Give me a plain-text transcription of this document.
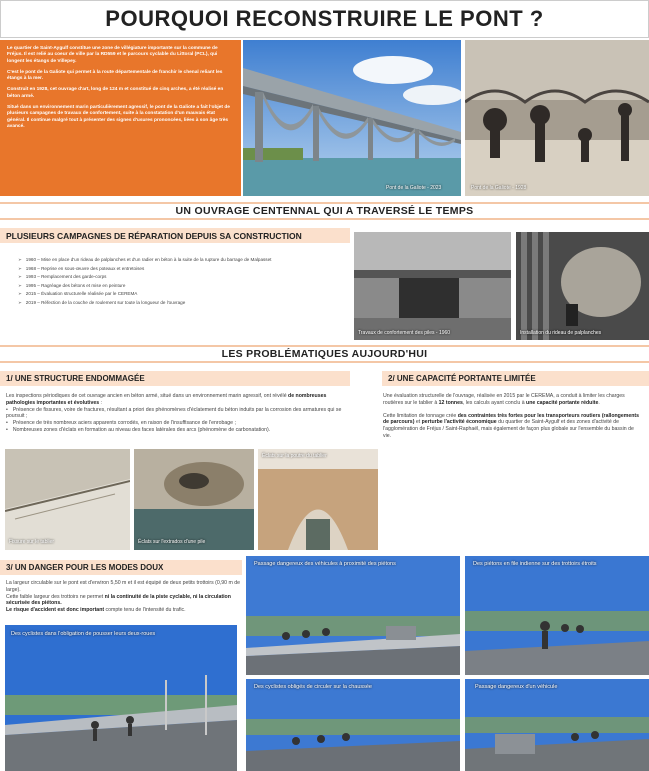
POURQUOI RECONSTRUIRE LE PONT ?

Le quartier de Saint-Aygulf constitue une zone de villégiature importante sur la commune de Fréjus. Il est relié au coeur de ville par la RD559 et le parcours cyclable du Littoral (PCL), qui longent les étangs de Villepey.

C'est le pont de la Galiote qui permet à la route départementale de franchir le chenal reliant les étangs à la mer.

Construit en 1928, cet ouvrage d'art, long de 124 m et constitué de cinq arches, a été réalisé en béton armé.

Situé dans un environnement marin particulièrement agressif, le pont de la Galiote a fait l'objet de plusieurs campagnes de travaux de confortement, suite à la constatation d'un mauvais état général. Il continue malgré tout à présenter des signes d'usures prononcées, liées à son âge très avancé.

Pont de la Galiote - 2023	Pont de la Galiote - 1928
UN OUVRAGE CENTENNAL QUI A TRAVERSÉ LE TEMPS
PLUSIEURS CAMPAGNES DE RÉPARATION DEPUIS SA CONSTRUCTION
➢ 1960 – Mise en place d'un rideau de palplanches et d'un radier en béton à la suite de la rupture du barrage de Malpasset
➢ 1968 – Reprise en sous-œuvre des poteaux et entretoises
➢ 1993 – Remplacement des garde-corps
➢ 1995 – Ragréage des bétons et mise en peinture
➢ 2015 – Évaluation structurelle réalisée par le CEREMA
➢ 2019 – Réfection de la couche de roulement sur toute la longueur de l'ouvrage
Travaux de confortement des piles - 1960	Installation du rideau de palplanches
LES PROBLÉMATIQUES AUJOURD'HUI
1/ UNE STRUCTURE ENDOMMAGÉE
Les inspections périodiques de cet ouvrage ancien en béton armé, situé dans un environnement marin agressif, ont révélé de nombreuses pathologies importantes et évolutives :
• Présence de fissures, voire de fractures, résultant a priori des phénomènes d'éclatement du béton induits par la corrosion des armatures qui se poursuit ;
• Présence de très nombreux aciers apparents corrodés, en raison de l'insuffisance de l'enrobage ;
• Nombreuses zones d'éclats en formation au niveau des faces latérales des arcs (phénomène de carbonatation).
Fissure sur le tablier	Éclats sur l'extrados d'une pile
Éclats sur la poutre du tablier
2/ UNE CAPACITÉ PORTANTE LIMITÉE

Une évaluation structurelle de l'ouvrage, réalisée en 2015 par le CEREMA, a conduit à limiter les charges routières sur le tablier à 12 tonnes, les calculs ayant conclu à une capacité portante réduite.

Cette limitation de tonnage crée des contraintes très fortes pour les transporteurs routiers (rallongements de parcours) et perturbe l'activité économique du quartier de Saint-Aygulf et des zones d'activité de l'agglomération de Fréjus / Saint-Raphaël, mais également de façon plus globale sur l'ensemble du bassin de vie.

3/ UN DANGER POUR LES MODES DOUX
La largeur circulable sur le pont est d'environ 5,50 m et il est équipé de deux petits trottoirs (0,90 m de large).
Cette faible largeur des trottoirs ne permet ni la continuité de la piste cyclable, ni la circulation sécurisée des piétons.
Le risque d'accident est donc important compte tenu de l'intensité du trafic.
Des cyclistes dans l'obligation de pousser leurs deux-roues
Passage dangereux des véhicules à proximité des piétons	Des piétons en file indienne sur des trottoirs étroits
Des cyclistes obligés de circuler sur la chaussée	Passage dangereux d'un véhicule
